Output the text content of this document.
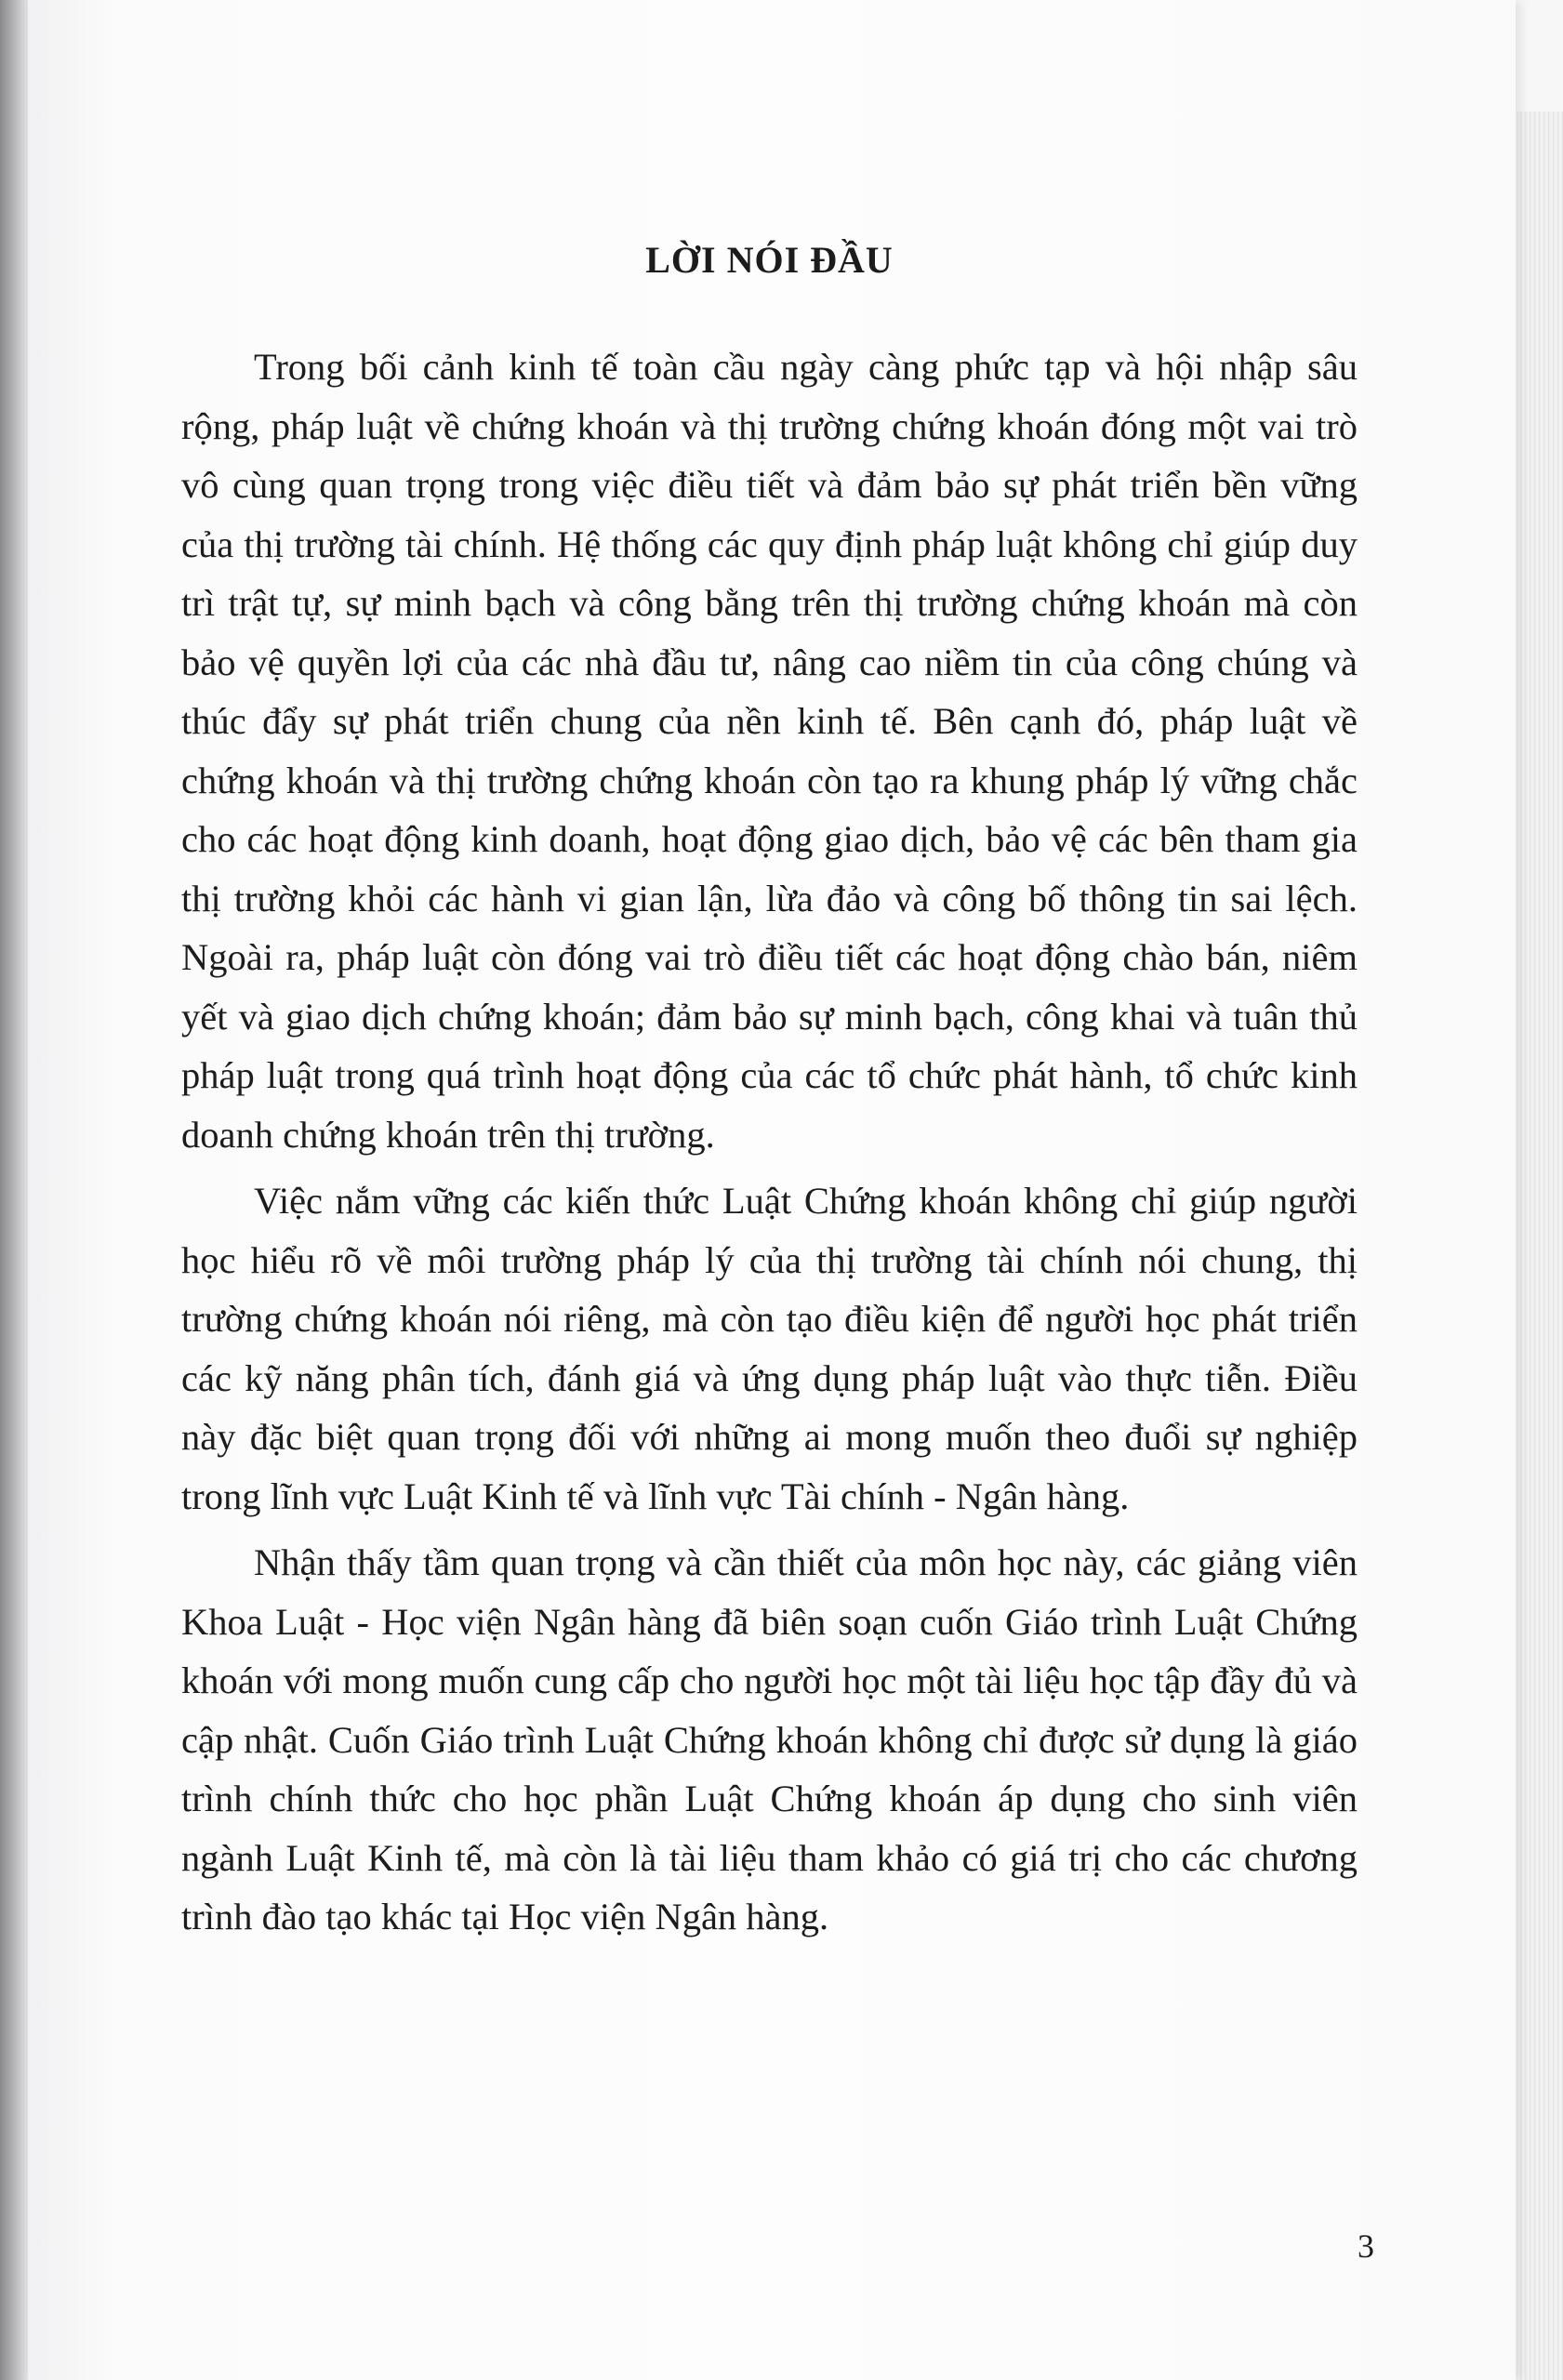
LỜI NÓI ĐẦU

Trong bối cảnh kinh tế toàn cầu ngày càng phức tạp và hội nhập sâu rộng, pháp luật về chứng khoán và thị trường chứng khoán đóng một vai trò vô cùng quan trọng trong việc điều tiết và đảm bảo sự phát triển bền vững của thị trường tài chính. Hệ thống các quy định pháp luật không chỉ giúp duy trì trật tự, sự minh bạch và công bằng trên thị trường chứng khoán mà còn bảo vệ quyền lợi của các nhà đầu tư, nâng cao niềm tin của công chúng và thúc đẩy sự phát triển chung của nền kinh tế. Bên cạnh đó, pháp luật về chứng khoán và thị trường chứng khoán còn tạo ra khung pháp lý vững chắc cho các hoạt động kinh doanh, hoạt động giao dịch, bảo vệ các bên tham gia thị trường khỏi các hành vi gian lận, lừa đảo và công bố thông tin sai lệch. Ngoài ra, pháp luật còn đóng vai trò điều tiết các hoạt động chào bán, niêm yết và giao dịch chứng khoán; đảm bảo sự minh bạch, công khai và tuân thủ pháp luật trong quá trình hoạt động của các tổ chức phát hành, tổ chức kinh doanh chứng khoán trên thị trường.

Việc nắm vững các kiến thức Luật Chứng khoán không chỉ giúp người học hiểu rõ về môi trường pháp lý của thị trường tài chính nói chung, thị trường chứng khoán nói riêng, mà còn tạo điều kiện để người học phát triển các kỹ năng phân tích, đánh giá và ứng dụng pháp luật vào thực tiễn. Điều này đặc biệt quan trọng đối với những ai mong muốn theo đuổi sự nghiệp trong lĩnh vực Luật Kinh tế và lĩnh vực Tài chính - Ngân hàng.

Nhận thấy tầm quan trọng và cần thiết của môn học này, các giảng viên Khoa Luật - Học viện Ngân hàng đã biên soạn cuốn Giáo trình Luật Chứng khoán với mong muốn cung cấp cho người học một tài liệu học tập đầy đủ và cập nhật. Cuốn Giáo trình Luật Chứng khoán không chỉ được sử dụng là giáo trình chính thức cho học phần Luật Chứng khoán áp dụng cho sinh viên ngành Luật Kinh tế, mà còn là tài liệu tham khảo có giá trị cho các chương trình đào tạo khác tại Học viện Ngân hàng.

3
